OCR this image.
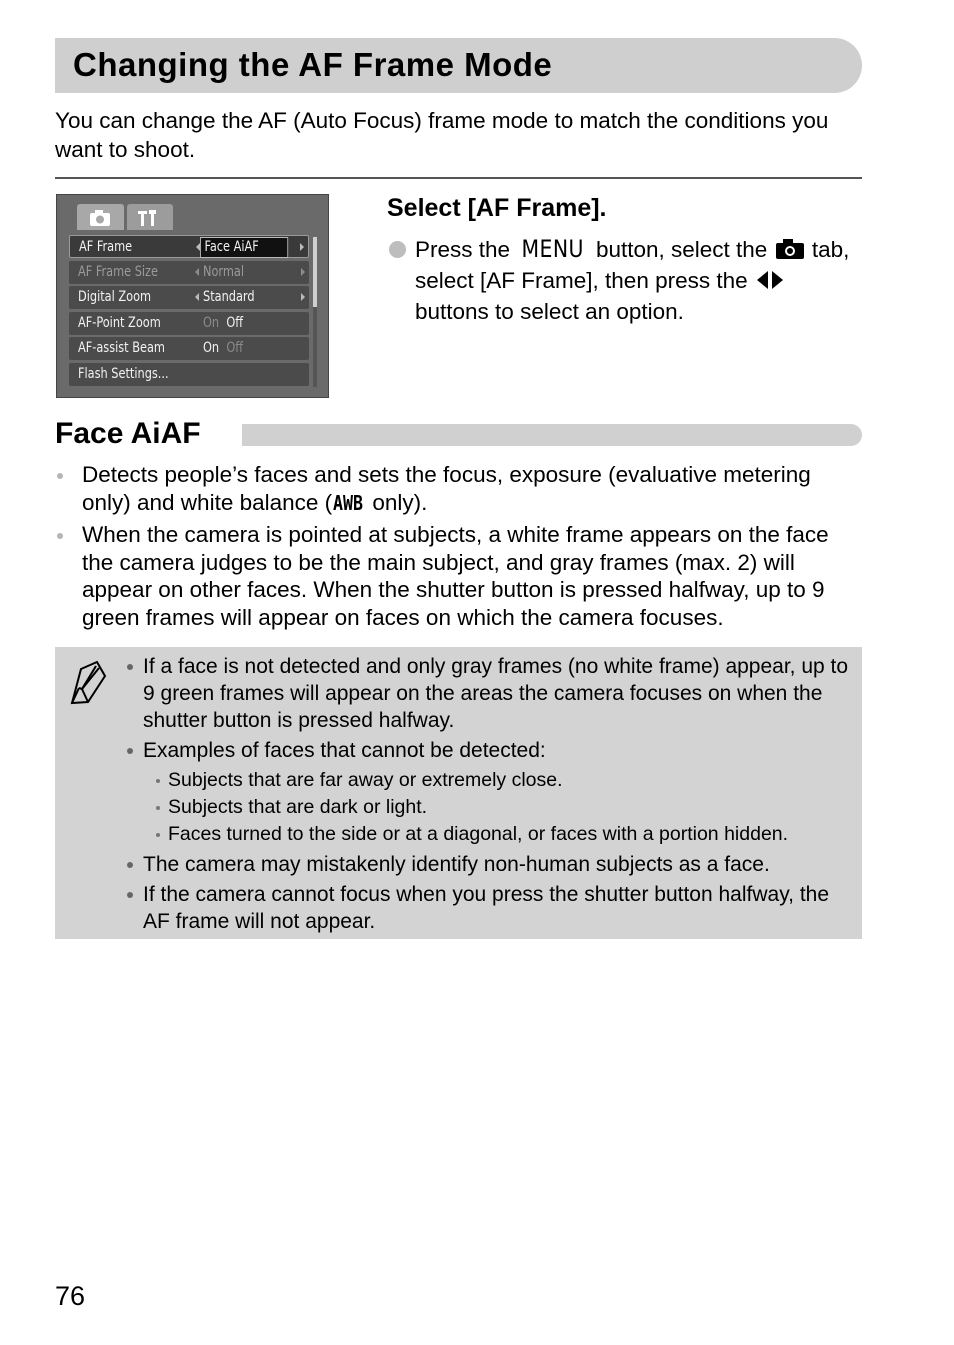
Changing the AF Frame Mode
You can change the AF (Auto Focus) frame mode to match the conditions you want to shoot.
AF Frame	Face AiAF
AF Frame Size	Normal
Digital Zoom	Standard
AF-Point Zoom	On Off
AF-assist Beam	On Off
Flash Settings...
Select [AF Frame].
Press the MENU button, select the  tab, select [AF Frame], then press the  buttons to select an option.
Face AiAF
Detects people’s faces and sets the focus, exposure (evaluative metering only) and white balance ( AWB only).
When the camera is pointed at subjects, a white frame appears on the face the camera judges to be the main subject, and gray frames (max. 2) will appear on other faces. When the shutter button is pressed halfway, up to 9 green frames will appear on faces on which the camera focuses.
If a face is not detected and only gray frames (no white frame) appear, up to 9 green frames will appear on the areas the camera focuses on when the shutter button is pressed halfway.
Examples of faces that cannot be detected:
Subjects that are far away or extremely close.
Subjects that are dark or light.
Faces turned to the side or at a diagonal, or faces with a portion hidden.
The camera may mistakenly identify non-human subjects as a face.
If the camera cannot focus when you press the shutter button halfway, the AF frame will not appear.
76
